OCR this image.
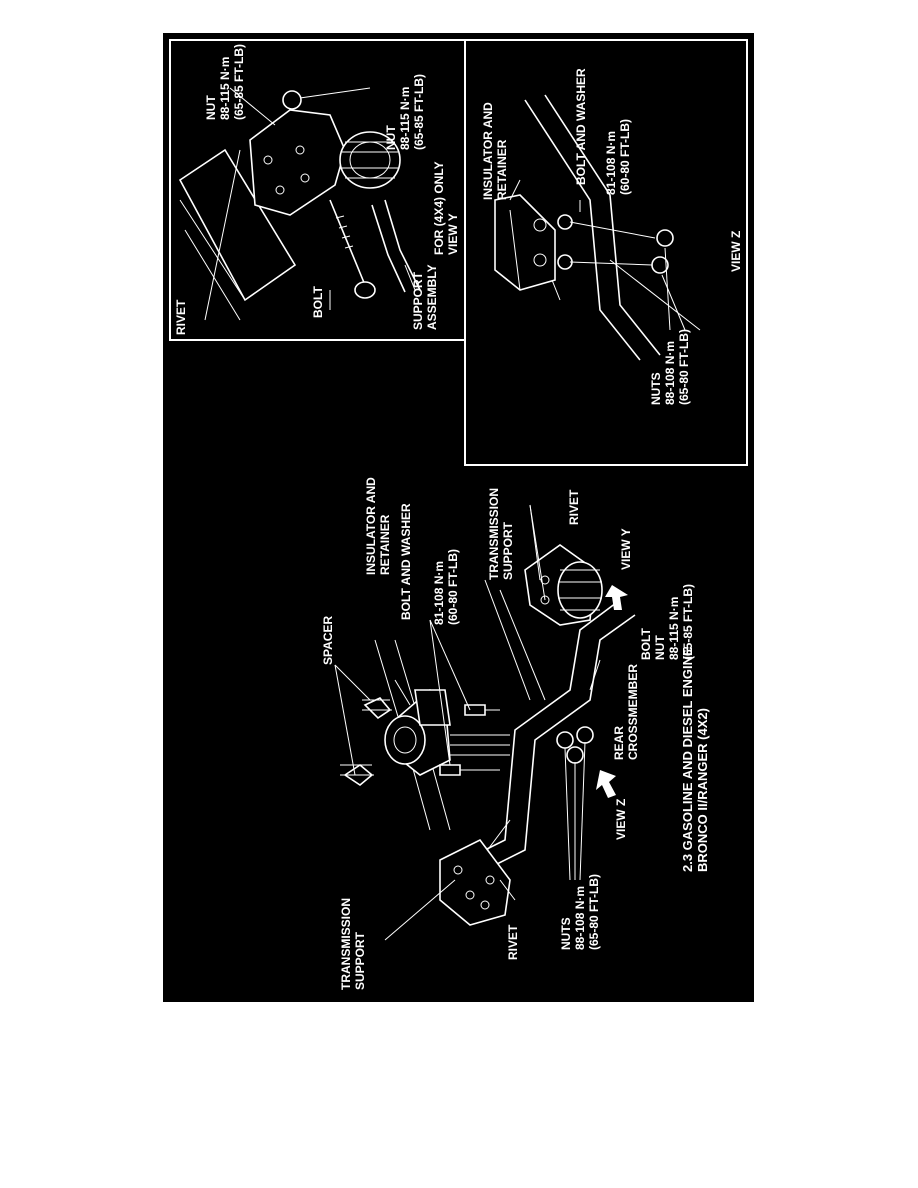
SPACER
INSULATOR AND RETAINER BOLT AND WASHER 81-108 N·m (60-80 FT-LB)
TRANSMISSION SUPPORT
RIVET
VIEW Y
BOLT NUT 88-115 N·m (65-85 FT-LB)
REAR CROSSMEMBER
VIEW Z	2.3 GASOLINE AND DIESEL ENGINE BRONCO II/RANGER (4X2)
NUTS 88-108 N·m (65-80 FT-LB)
RIVET
TRANSMISSION SUPPORT
NUT 88-115 N·m (65-85 FT-LB)
NUT 88-115 N·m (65-85 FT-LB)
RIVET	BOLT	SUPPORT ASSEMBLY
FOR (4X4) ONLY VIEW Y
INSULATOR AND RETAINER	BOLT AND WASHER 81-108 N·m (60-80 FT-LB)
NUTS 88-108 N·m (65-80 FT-LB)
VIEW Z
